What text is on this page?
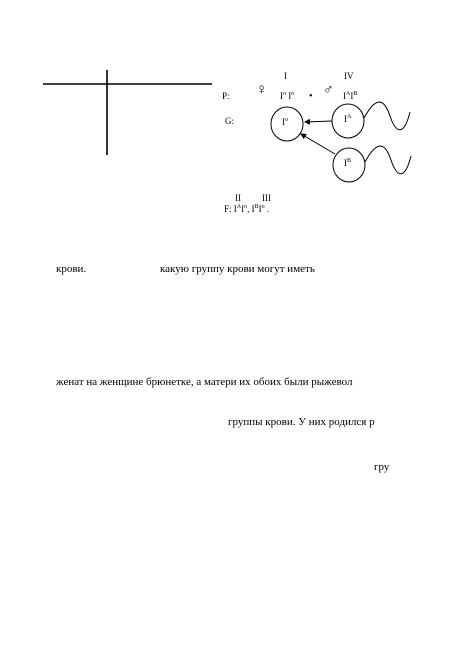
I	IV
P: ♀ $I^o$ $I^o$ • ♂ $I^AI^B$
G:	$I^o$	$I^A$
$I^B$
II III
F: $I^AI^o$, $I^BI^o$ .
крови.	какую группу крови могут иметь
женат на женщине брюнетке, а матери их обоих были рыжевол
группы крови. У них родился р
гру
